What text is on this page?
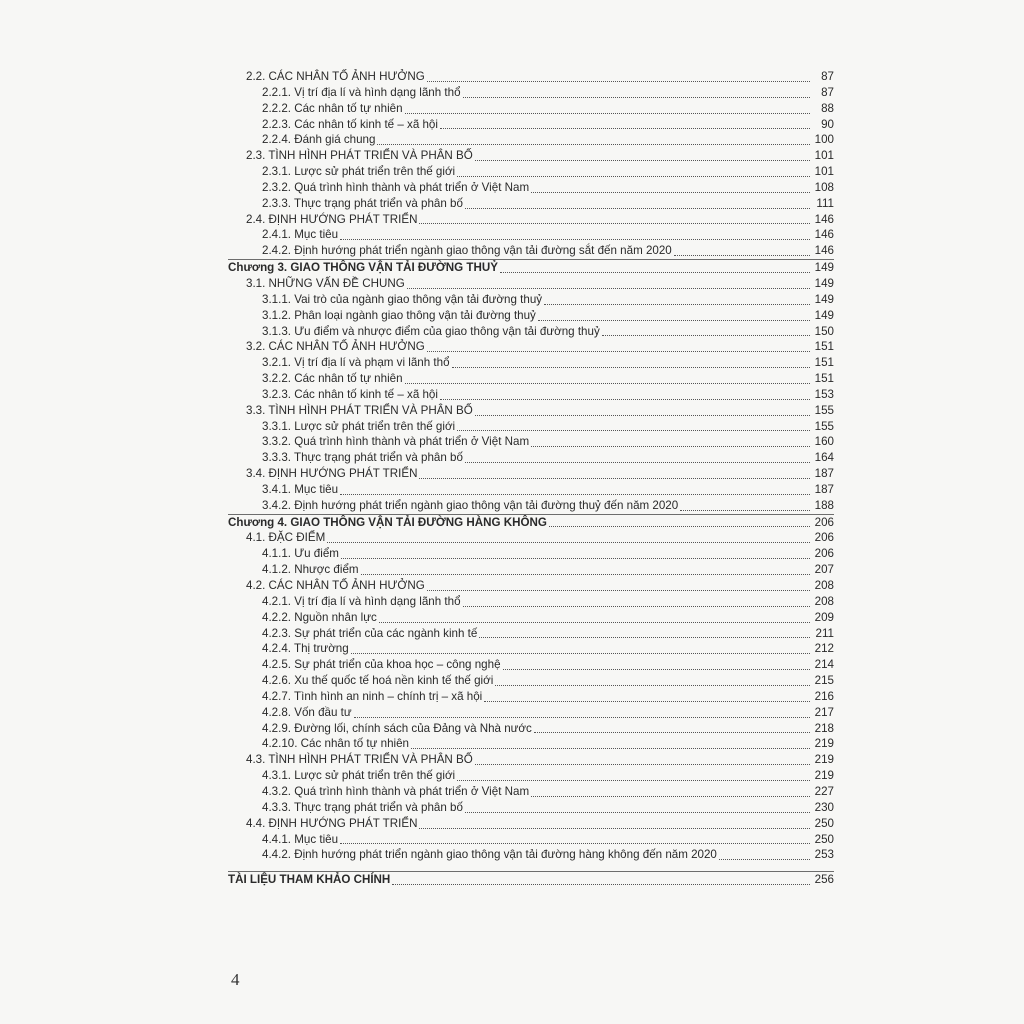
2.2. CÁC NHÂN TỐ ẢNH HƯỞNG	87
2.2.1. Vị trí địa lí và hình dạng lãnh thổ	87
2.2.2. Các nhân tố tự nhiên	88
2.2.3. Các nhân tố kinh tế – xã hội	90
2.2.4. Đánh giá chung	100
2.3. TÌNH HÌNH PHÁT TRIỂN VÀ PHÂN BỐ	101
2.3.1. Lược sử phát triển trên thế giới	101
2.3.2. Quá trình hình thành và phát triển ở Việt Nam	108
2.3.3. Thực trạng phát triển và phân bố	111
2.4. ĐỊNH HƯỚNG PHÁT TRIỂN	146
2.4.1. Mục tiêu	146
2.4.2. Định hướng phát triển ngành giao thông vận tải đường sắt đến năm 2020	146
Chương 3. GIAO THÔNG VẬN TẢI ĐƯỜNG THUỶ	149
3.1. NHỮNG VẤN ĐỀ CHUNG	149
3.1.1. Vai trò của ngành giao thông vận tải đường thuỷ	149
3.1.2. Phân loại ngành giao thông vận tải đường thuỷ	149
3.1.3. Ưu điểm và nhược điểm của giao thông vận tải đường thuỷ	150
3.2. CÁC NHÂN TỐ ẢNH HƯỞNG	151
3.2.1. Vị trí địa lí và phạm vi lãnh thổ	151
3.2.2. Các nhân tố tự nhiên	151
3.2.3. Các nhân tố kinh tế – xã hội	153
3.3. TÌNH HÌNH PHÁT TRIỂN VÀ PHÂN BỐ	155
3.3.1. Lược sử phát triển trên thế giới	155
3.3.2. Quá trình hình thành và phát triển ở Việt Nam	160
3.3.3. Thực trạng phát triển và phân bố	164
3.4. ĐỊNH HƯỚNG PHÁT TRIỂN	187
3.4.1. Mục tiêu	187
3.4.2. Định hướng phát triển ngành giao thông vận tải đường thuỷ đến năm 2020	188
Chương 4. GIAO THÔNG VẬN TẢI ĐƯỜNG HÀNG KHÔNG	206
4.1. ĐẶC ĐIỂM	206
4.1.1. Ưu điểm	206
4.1.2. Nhược điểm	207
4.2. CÁC NHÂN TỐ ẢNH HƯỞNG	208
4.2.1. Vị trí địa lí và hình dạng lãnh thổ	208
4.2.2. Nguồn nhân lực	209
4.2.3. Sự phát triển của các ngành kinh tế	211
4.2.4. Thị trường	212
4.2.5. Sự phát triển của khoa học – công nghệ	214
4.2.6. Xu thế quốc tế hoá nền kinh tế thế giới	215
4.2.7. Tình hình an ninh – chính trị – xã hội	216
4.2.8. Vốn đầu tư	217
4.2.9. Đường lối, chính sách của Đảng và Nhà nước	218
4.2.10. Các nhân tố tự nhiên	219
4.3. TÌNH HÌNH PHÁT TRIỂN VÀ PHÂN BỐ	219
4.3.1. Lược sử phát triển trên thế giới	219
4.3.2. Quá trình hình thành và phát triển ở Việt Nam	227
4.3.3. Thực trạng phát triển và phân bố	230
4.4. ĐỊNH HƯỚNG PHÁT TRIỂN	250
4.4.1. Mục tiêu	250
4.4.2. Định hướng phát triển ngành giao thông vận tải đường hàng không đến năm 2020	253
TÀI LIỆU THAM KHẢO CHÍNH	256
4
